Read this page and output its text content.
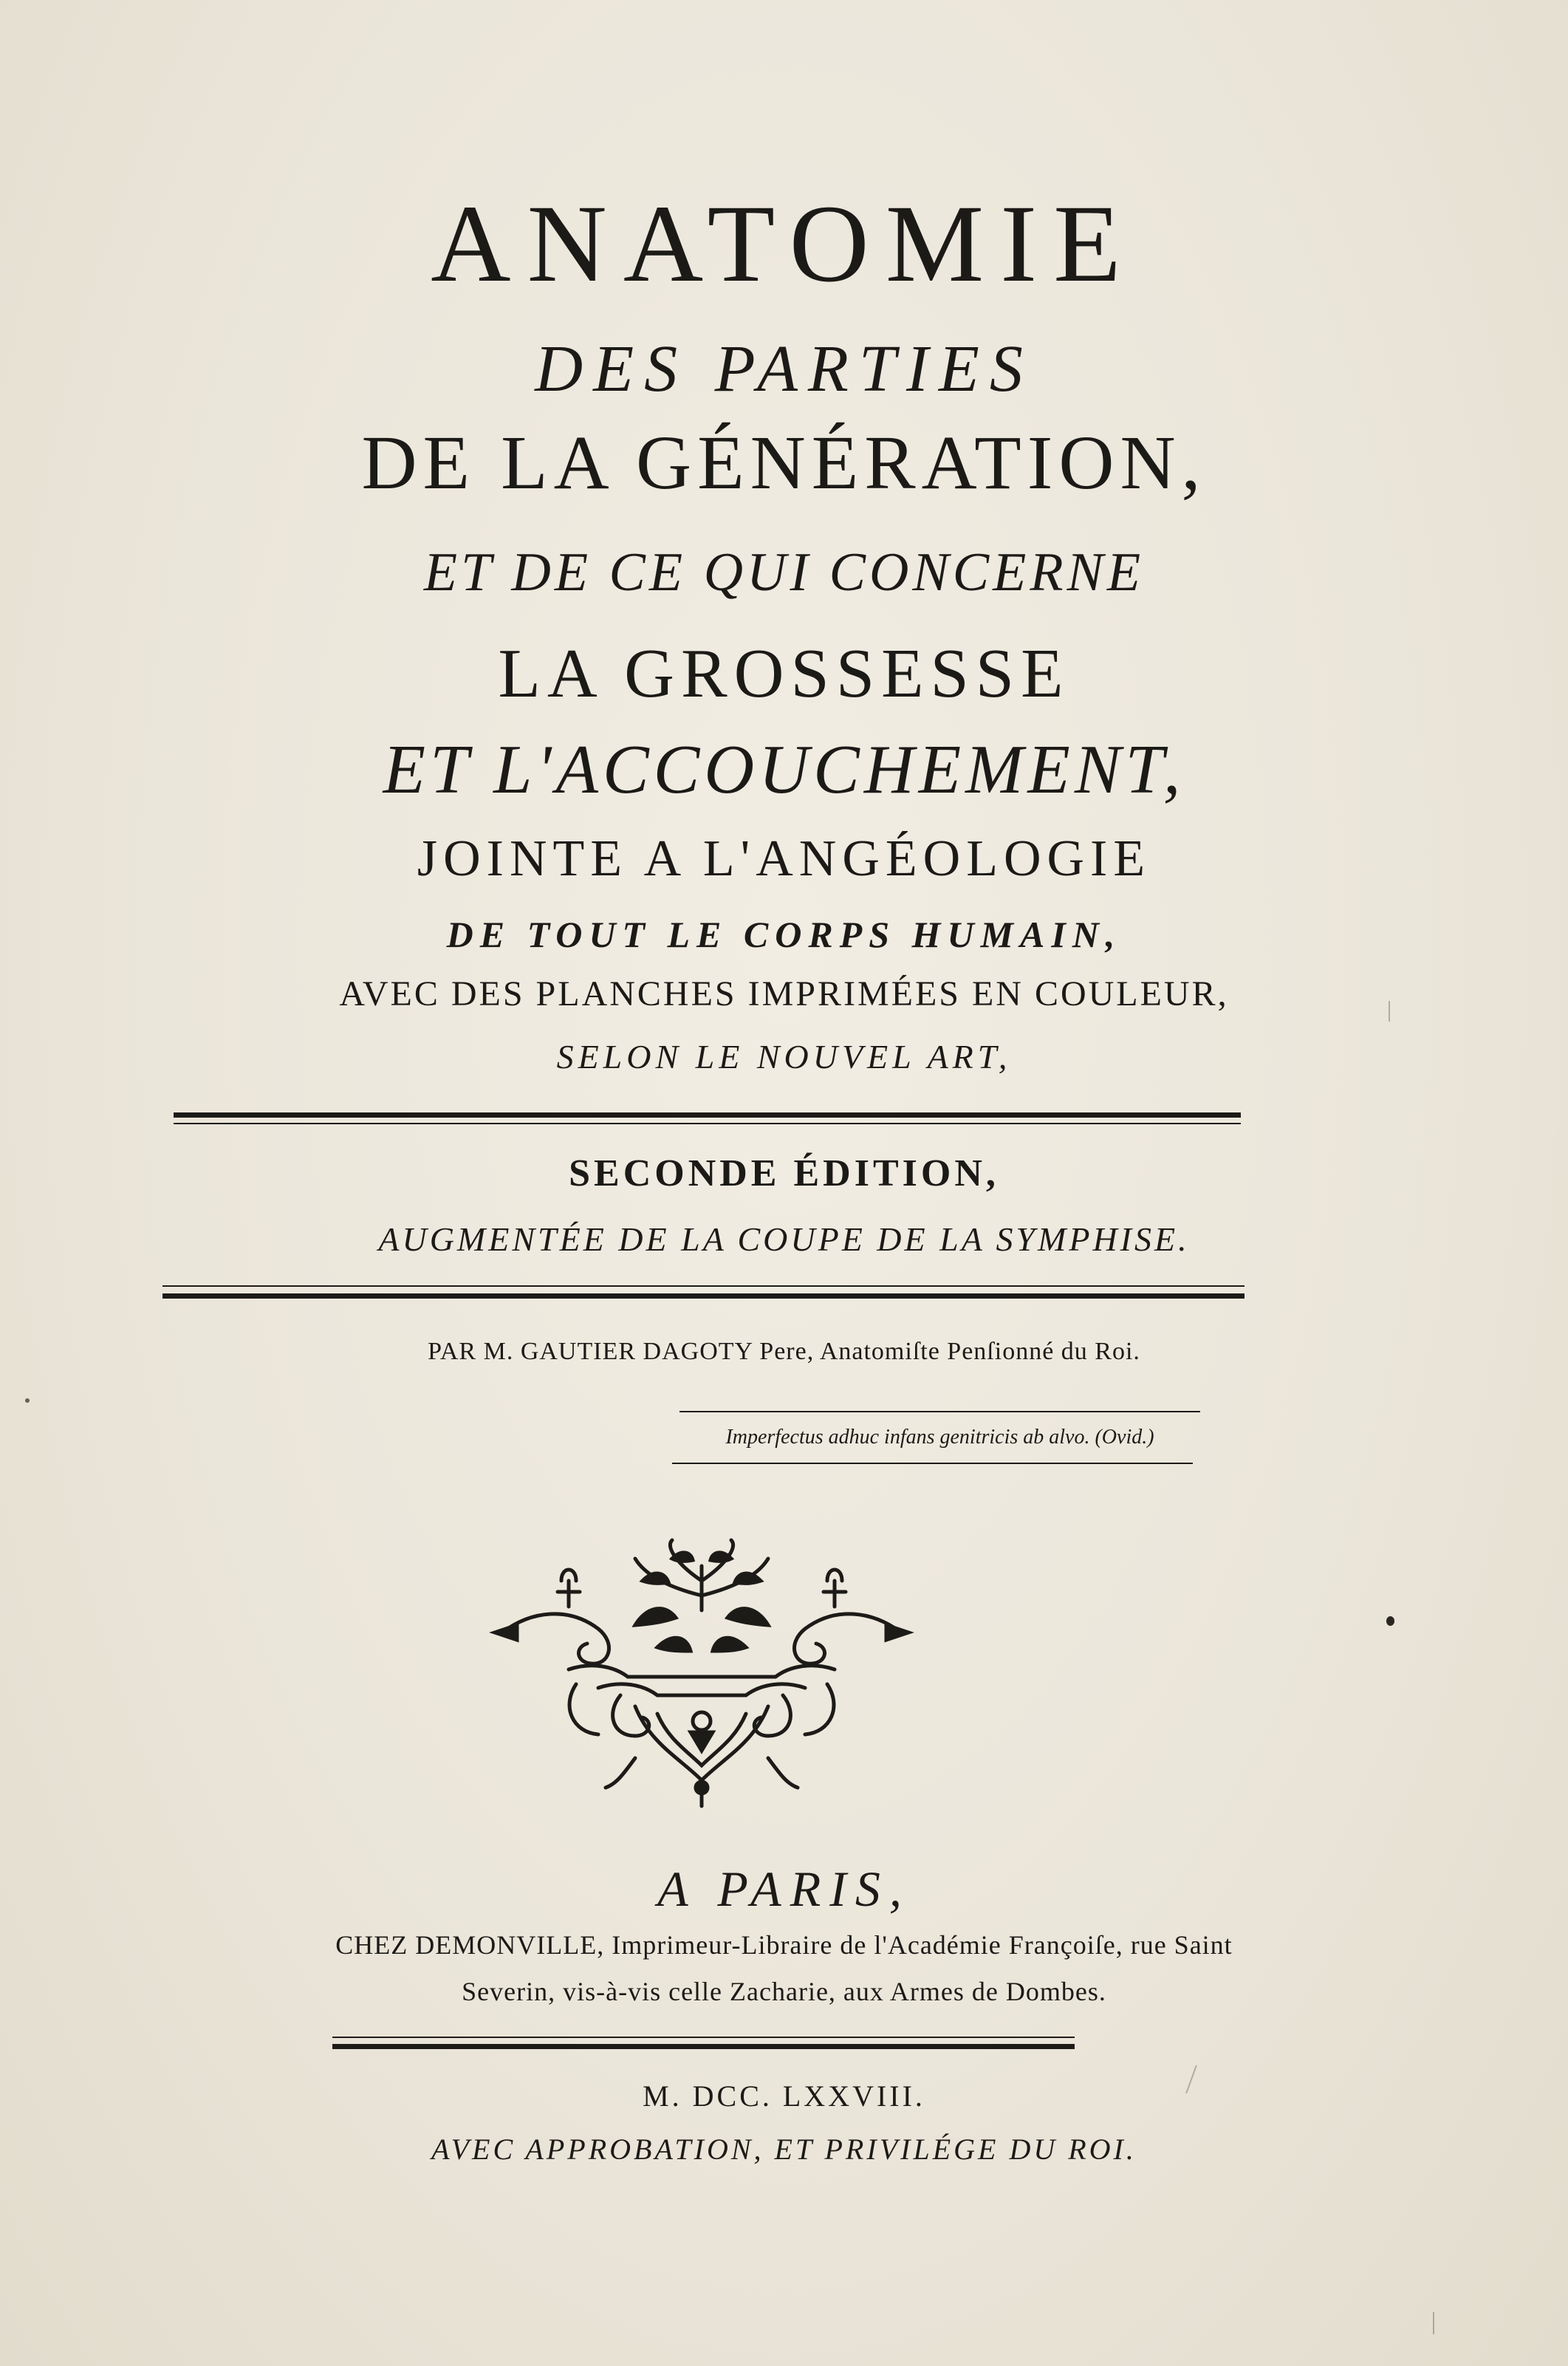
ANATOMIE
DES PARTIES
DE LA GÉNÉRATION,
ET DE CE QUI CONCERNE
LA GROSSESSE
ET L'ACCOUCHEMENT,
JOINTE A L'ANGÉOLOGIE
DE TOUT LE CORPS HUMAIN,
AVEC DES PLANCHES IMPRIMÉES EN COULEUR,
SELON LE NOUVEL ART,
SECONDE ÉDITION,
AUGMENTÉE DE LA COUPE DE LA SYMPHISE.
PAR M. GAUTIER DAGOTY Pere, Anatomiſte Penſionné du Roi.
Imperfectus adhuc infans genitricis ab alvo. (Ovid.)
A PARIS,
CHEZ DEMONVILLE, Imprimeur-Libraire de l'Académie Françoiſe, rue Saint
Severin, vis-à-vis celle Zacharie, aux Armes de Dombes.
M. DCC. LXXVIII.
AVEC APPROBATION, ET PRIVILÉGE DU ROI.
